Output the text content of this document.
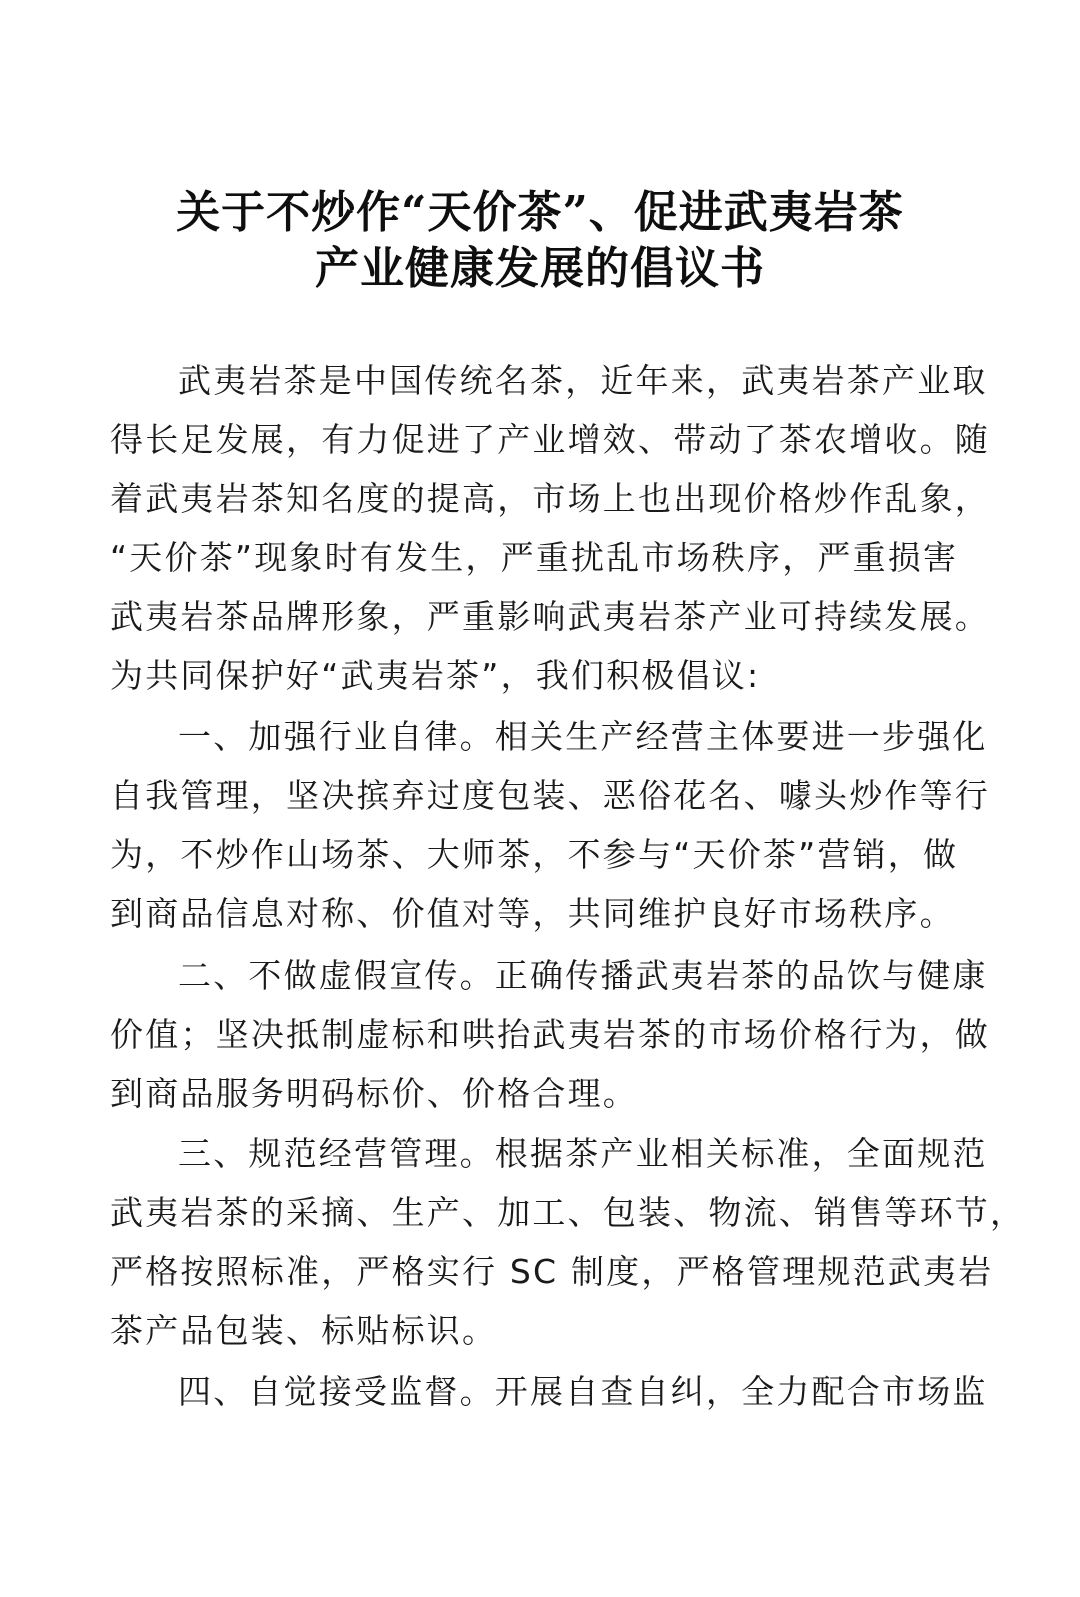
关于不炒作“天价茶”、促进武夷岩茶
产业健康发展的倡议书
武夷岩茶是中国传统名茶，近年来，武夷岩茶产业取
得长足发展，有力促进了产业增效、带动了茶农增收。随
着武夷岩茶知名度的提高，市场上也出现价格炒作乱象，
“天价茶”现象时有发生，严重扰乱市场秩序，严重损害
武夷岩茶品牌形象，严重影响武夷岩茶产业可持续发展。
为共同保护好“武夷岩茶”，我们积极倡议:
一、加强行业自律。相关生产经营主体要进一步强化
自我管理，坚决摈弃过度包装、恶俗花名、噱头炒作等行
为，不炒作山场茶、大师茶，不参与“天价茶”营销，做
到商品信息对称、价值对等，共同维护良好市场秩序。
二、不做虚假宣传。正确传播武夷岩茶的品饮与健康
价值；坚决抵制虚标和哄抬武夷岩茶的市场价格行为，做
到商品服务明码标价、价格合理。
三、规范经营管理。根据茶产业相关标准，全面规范
武夷岩茶的采摘、生产、加工、包装、物流、销售等环节，
严格按照标准，严格实行 SC 制度，严格管理规范武夷岩
茶产品包装、标贴标识。
四、自觉接受监督。开展自查自纠，全力配合市场监
